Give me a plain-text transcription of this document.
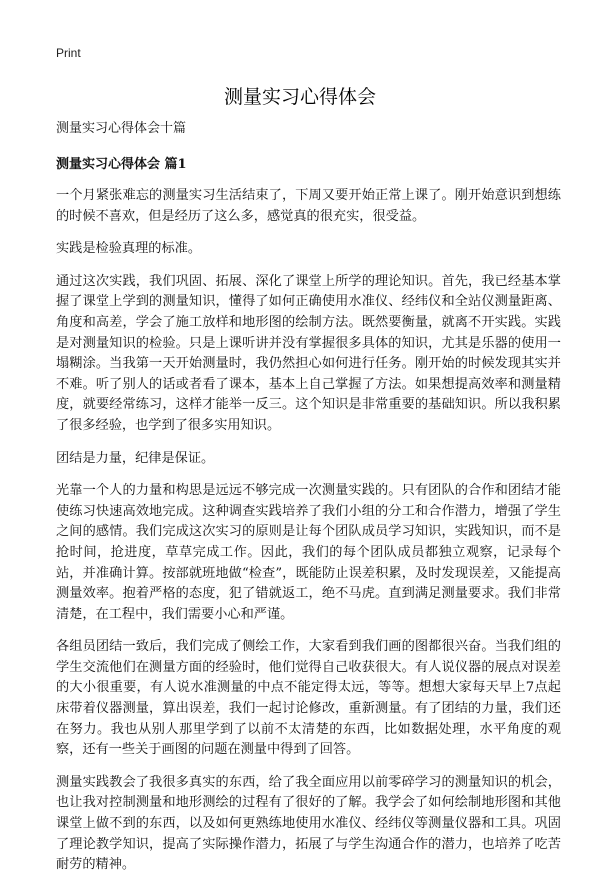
Print
测量实习心得体会

测量实习心得体会十篇

测量实习心得体会 篇1

一个月紧张难忘的测量实习生活结束了，下周又要开始正常上课了。刚开始意识到想练的时候不喜欢，但是经历了这么多，感觉真的很充实，很受益。

实践是检验真理的标准。

通过这次实践，我们巩固、拓展、深化了课堂上所学的理论知识。首先，我已经基本掌握了课堂上学到的测量知识，懂得了如何正确使用水准仪、经纬仪和全站仪测量距离、角度和高差，学会了施工放样和地形图的绘制方法。既然要衡量，就离不开实践。实践是对测量知识的检验。只是上课听讲并没有掌握很多具体的知识，尤其是乐器的使用一塌糊涂。当我第一天开始测量时，我仍然担心如何进行任务。刚开始的时候发现其实并不难。听了别人的话或者看了课本，基本上自己掌握了方法。如果想提高效率和测量精度，就要经常练习，这样才能举一反三。这个知识是非常重要的基础知识。所以我积累了很多经验，也学到了很多实用知识。

团结是力量，纪律是保证。

光靠一个人的力量和构思是远远不够完成一次测量实践的。只有团队的合作和团结才能使练习快速高效地完成。这种调查实践培养了我们小组的分工和合作潜力，增强了学生之间的感情。我们完成这次实习的原则是让每个团队成员学习知识，实践知识，而不是抢时间，抢进度，草草完成工作。因此，我们的每个团队成员都独立观察，记录每个站，并准确计算。按部就班地做“检查”，既能防止误差积累，及时发现误差，又能提高测量效率。抱着严格的态度，犯了错就返工，绝不马虎。直到满足测量要求。我们非常清楚，在工程中，我们需要小心和严谨。

各组员团结一致后，我们完成了侧绘工作，大家看到我们画的图都很兴奋。当我们组的学生交流他们在测量方面的经验时，他们觉得自己收获很大。有人说仪器的展点对误差的大小很重要，有人说水准测量的中点不能定得太远，等等。想想大家每天早上7点起床带着仪器测量，算出误差，我们一起讨论修改，重新测量。有了团结的力量，我们还在努力。我也从别人那里学到了以前不太清楚的东西，比如数据处理，水平角度的观察，还有一些关于画图的问题在测量中得到了回答。

测量实践教会了我很多真实的东西，给了我全面应用以前零碎学习的测量知识的机会，也让我对控制测量和地形测绘的过程有了很好的了解。我学会了如何绘制地形图和其他课堂上做不到的东西，以及如何更熟练地使用水准仪、经纬仪等测量仪器和工具。巩固了理论教学知识，提高了实际操作潜力，拓展了与学生沟通合作的潜力，也培养了吃苦耐劳的精神。
